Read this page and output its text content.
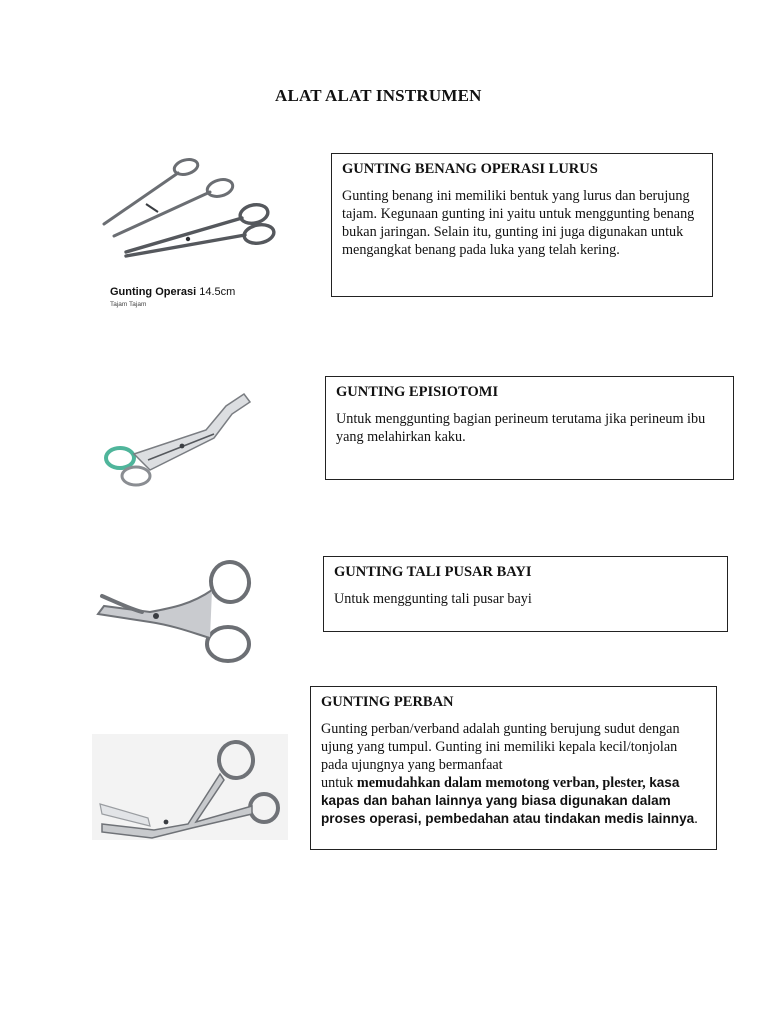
ALAT ALAT INSTRUMEN
Gunting Operasi 14.5cm
Tajam Tajam
GUNTING BENANG OPERASI LURUS

Gunting benang ini memiliki bentuk yang lurus dan berujung tajam. Kegunaan gunting ini yaitu untuk menggunting benang bukan jaringan. Selain itu, gunting ini juga digunakan untuk mengangkat benang pada luka yang telah kering.

GUNTING EPISIOTOMI

Untuk menggunting bagian perineum terutama jika perineum ibu yang melahirkan kaku.

GUNTING TALI PUSAR BAYI

Untuk menggunting tali pusar bayi

GUNTING PERBAN

Gunting perban/verband adalah gunting berujung sudut dengan ujung yang tumpul. Gunting ini memiliki kepala kecil/tonjolan pada ujungnya yang bermanfaat
untuk memudahkan dalam memotong verban, plester, kasa kapas dan bahan lainnya yang biasa digunakan dalam proses operasi, pembedahan atau tindakan medis lainnya.
